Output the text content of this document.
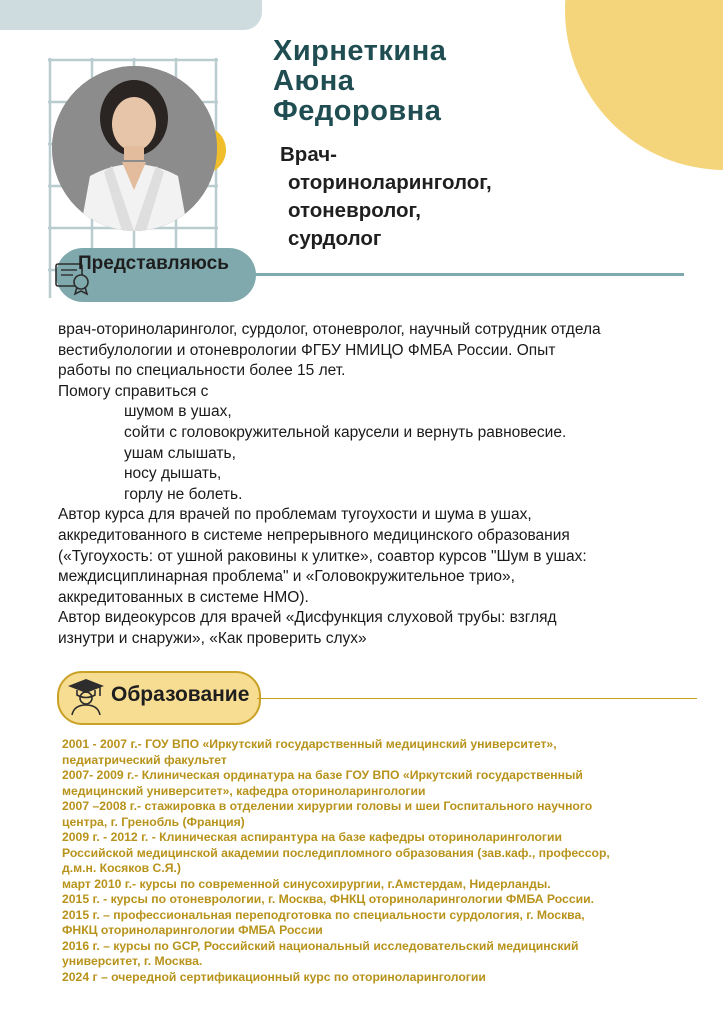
Хирнеткина
Аюна
Федоровна
Врач-
оториноларинголог,
отоневролог,
сурдолог
Представляюсь
врач-оториноларинголог, сурдолог, отоневролог, научный сотрудник отдела
вестибулологии и отоневрологии ФГБУ НМИЦО ФМБА России. Опыт
работы по специальности более 15 лет.
Помогу справиться с
шумом в ушах,
сойти с головокружительной карусели и вернуть равновесие.
ушам слышать,
носу дышать,
горлу не болеть.
Автор курса для врачей по проблемам тугоухости и шума в ушах,
аккредитованного в системе непрерывного медицинского образования
(«Тугоухость: от ушной раковины к улитке», соавтор курсов "Шум в ушах:
междисциплинарная проблема" и «Головокружительное трио»,
аккредитованных в системе НМО).
Автор видеокурсов для врачей «Дисфункция слуховой трубы: взгляд
изнутри и снаружи», «Как проверить слух»
Образование
2001 - 2007 г.- ГОУ ВПО «Иркутский государственный медицинский университет»,
педиатрический факультет
2007- 2009 г.- Клиническая ординатура на базе ГОУ ВПО «Иркутский государственный
медицинский университет», кафедра оториноларингологии
2007 –2008 г.- стажировка в отделении хирургии головы и шеи Госпитального научного
центра, г. Гренобль (Франция)
2009 г. - 2012 г. - Клиническая аспирантура на базе кафедры оториноларингологии
Российской медицинской академии последипломного образования (зав.каф., профессор,
д.м.н. Косяков С.Я.)
март 2010 г.- курсы по современной синусохирургии, г.Амстердам, Нидерланды.
2015 г. - курсы по отоневрологии, г. Москва, ФНКЦ оториноларингологии ФМБА России.
2015 г. – профессиональная переподготовка по специальности сурдология, г. Москва,
ФНКЦ оториноларингологии ФМБА России
2016 г. – курсы по GCP, Российский национальный исследовательский медицинский
университет, г. Москва.
2024 г – очередной сертификационный курс по оториноларингологии
